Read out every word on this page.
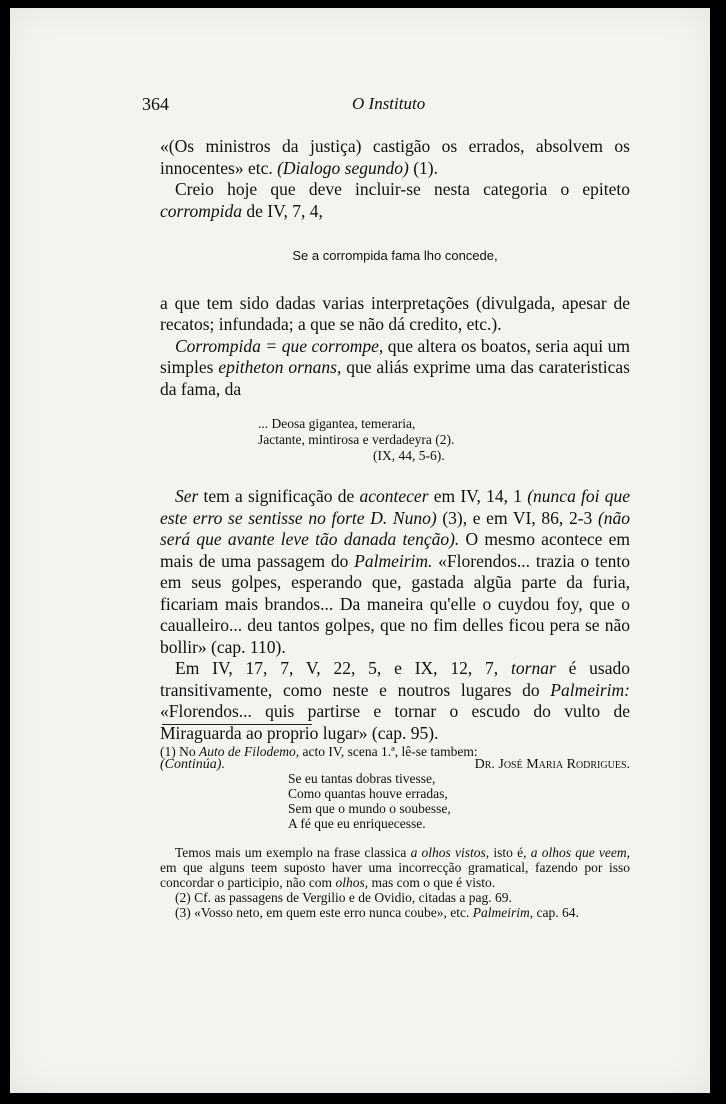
364	O Instituto

«(Os ministros da justiça) castigão os errados, absolvem os innocentes» etc. (Dialogo segundo) (1).

Creio hoje que deve incluir-se nesta categoria o epiteto corrompida de IV, 7, 4,

Se a corrompida fama lho concede,

a que tem sido dadas varias interpretações (divulgada, apesar de recatos; infundada; a que se não dá credito, etc.).

Corrompida = que corrompe, que altera os boatos, seria aqui um simples epitheton ornans, que aliás exprime uma das carateristicas da fama, da

... Deosa gigantea, temeraria,
Jactante, mintirosa e verdadeyra (2).
(IX, 44, 5-6).

Ser tem a significação de acontecer em IV, 14, 1 (nunca foi que este erro se sentisse no forte D. Nuno) (3), e em VI, 86, 2-3 (não será que avante leve tão danada tenção). O mesmo acontece em mais de uma passagem do Palmeirim. «Florendos... trazia o tento em seus golpes, esperando que, gastada algũa parte da furia, ficariam mais brandos... Da maneira qu'elle o cuydou foy, que o caualleiro... deu tantos golpes, que no fim delles ficou pera se não bollir» (cap. 110).

Em IV, 17, 7, V, 22, 5, e IX, 12, 7, tornar é usado transitivamente, como neste e noutros lugares do Palmeirim: «Florendos... quis partirse e tornar o escudo do vulto de Miraguarda ao proprio lugar» (cap. 95).

(Continúa).	Dr. José Maria Rodrigues.

(1) No Auto de Filodemo, acto IV, scena 1.ª, lê-se tambem:

Se eu tantas dobras tivesse,
Como quantas houve erradas,
Sem que o mundo o soubesse,
A fé que eu enriquecesse.

Temos mais um exemplo na frase classica a olhos vistos, isto é, a olhos que veem, em que alguns teem suposto haver uma incorrecção gramatical, fazendo por isso concordar o participio, não com olhos, mas com o que é visto.

(2) Cf. as passagens de Vergilio e de Ovidio, citadas a pag. 69.

(3) «Vosso neto, em quem este erro nunca coube», etc. Palmeirim, cap. 64.
